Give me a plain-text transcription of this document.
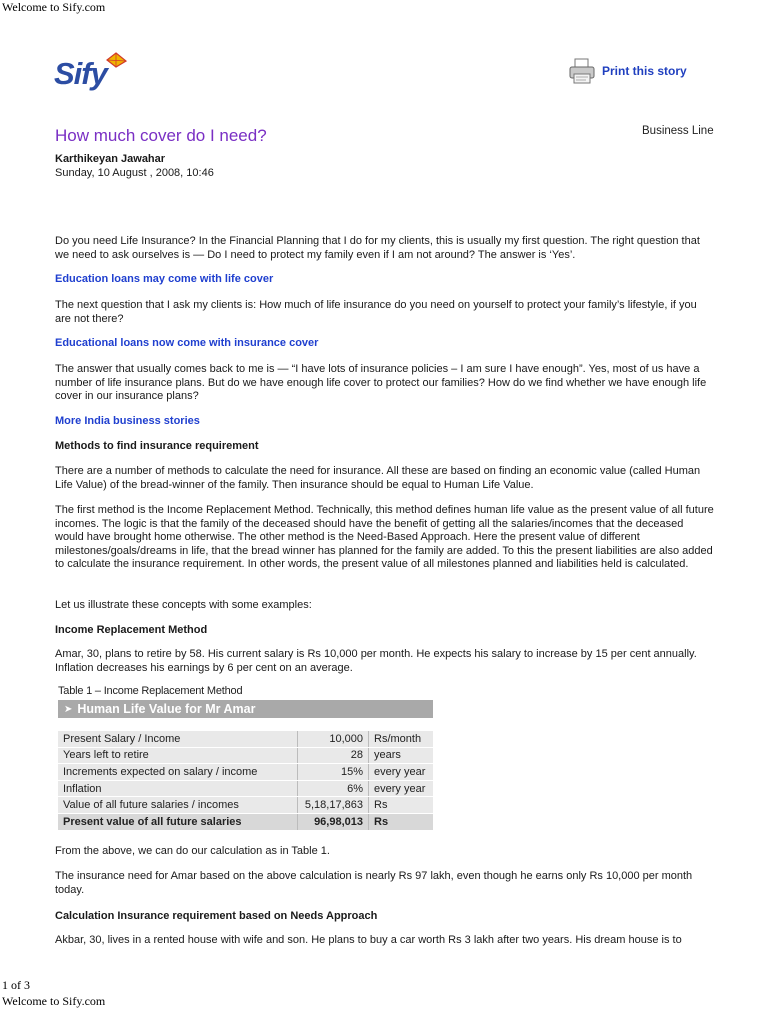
Welcome to Sify.com
Sify	Print this story
How much cover do I need?	Business Line
Karthikeyan Jawahar
Sunday, 10 August , 2008, 10:46

Do you need Life Insurance? In the Financial Planning that I do for my clients, this is usually my first question. The right question that we need to ask ourselves is — Do I need to protect my family even if I am not around? The answer is ‘Yes’.

Education loans may come with life cover

The next question that I ask my clients is: How much of life insurance do you need on yourself to protect your family’s lifestyle, if you are not there?

Educational loans now come with insurance cover

The answer that usually comes back to me is — “I have lots of insurance policies – I am sure I have enough”. Yes, most of us have a number of life insurance plans. But do we have enough life cover to protect our families? How do we find whether we have enough life cover in our insurance plans?

More India business stories
Methods to find insurance requirement

There are a number of methods to calculate the need for insurance. All these are based on finding an economic value (called Human Life Value) of the bread-winner of the family. Then insurance should be equal to Human Life Value.

The first method is the Income Replacement Method. Technically, this method defines human life value as the present value of all future incomes. The logic is that the family of the deceased should have the benefit of getting all the salaries/incomes that the deceased would have brought home otherwise. The other method is the Need-Based Approach. Here the present value of different milestones/goals/dreams in life, that the bread winner has planned for the family are added. To this the present liabilities are also added to calculate the insurance requirement. In other words, the present value of all milestones planned and liabilities held is calculated.

Let us illustrate these concepts with some examples:

Income Replacement Method

Amar, 30, plans to retire by 58. His current salary is Rs 10,000 per month. He expects his salary to increase by 15 per cent annually. Inflation decreases his earnings by 6 per cent on an average.

Table 1 – Income Replacement Method
➤ Human Life Value for Mr Amar
Present Salary / Income	10,000	Rs/month
Years left to retire	28	years
Increments expected on salary / income	15%	every year
Inflation	6%	every year
Value of all future salaries / incomes	5,18,17,863	Rs
Present value of all future salaries	96,98,013	Rs

From the above, we can do our calculation as in Table 1.

The insurance need for Amar based on the above calculation is nearly Rs 97 lakh, even though he earns only Rs 10,000 per month today.

Calculation Insurance requirement based on Needs Approach

Akbar, 30, lives in a rented house with wife and son. He plans to buy a car worth Rs 3 lakh after two years. His dream house is to

1 of 3
Welcome to Sify.com
